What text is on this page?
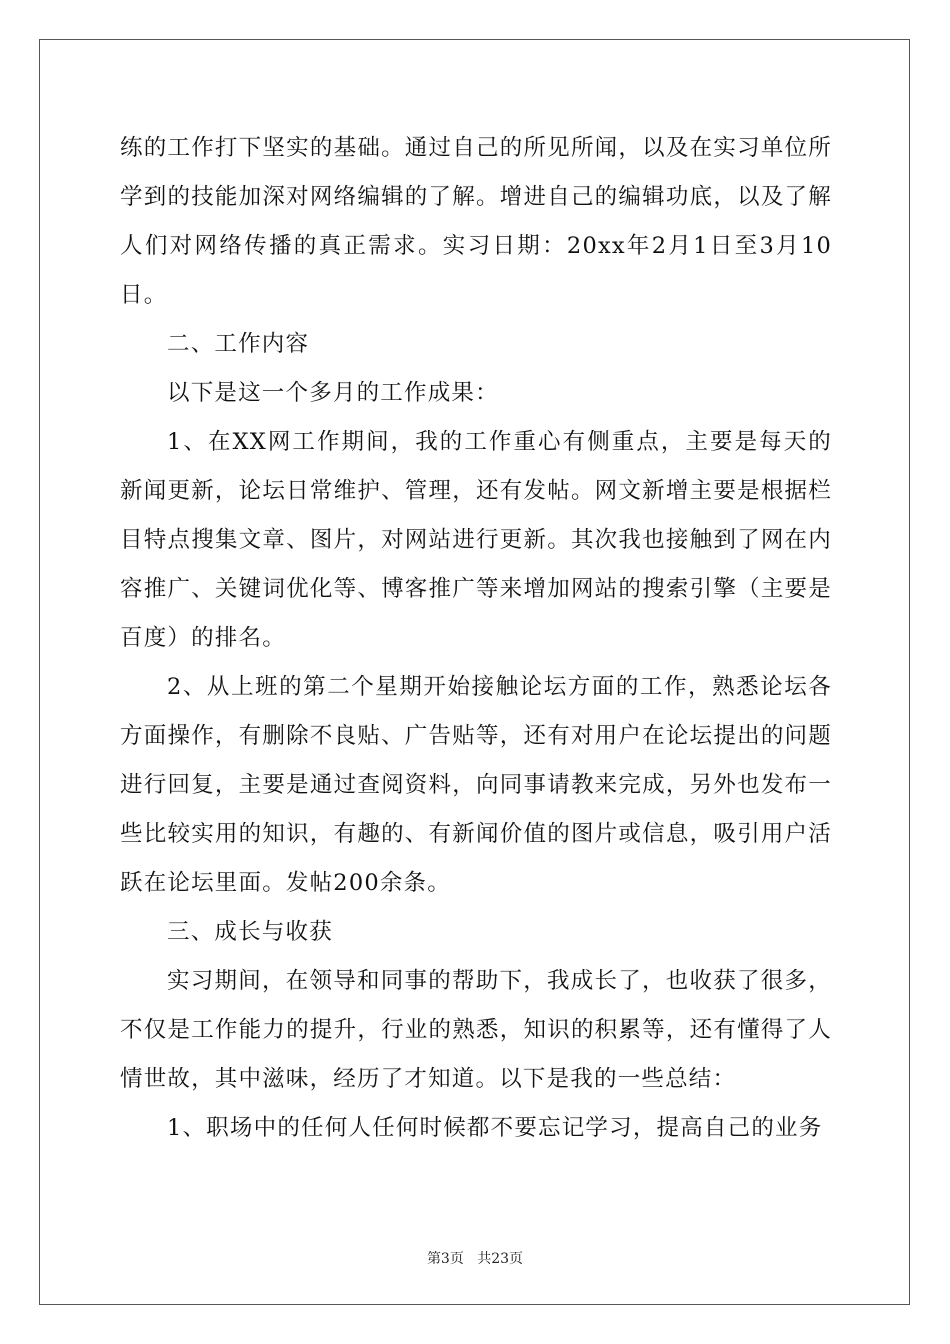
练的工作打下坚实的基础。通过自己的所见所闻，以及在实习单位所学到的技能加深对网络编辑的了解。增进自己的编辑功底，以及了解人们对网络传播的真正需求。实习日期：20xx年2月1日至3月10日。

二、工作内容

以下是这一个多月的工作成果：

1、在XX网工作期间，我的工作重心有侧重点，主要是每天的新闻更新，论坛日常维护、管理，还有发帖。网文新增主要是根据栏目特点搜集文章、图片，对网站进行更新。其次我也接触到了网在内容推广、关键词优化等、博客推广等来增加网站的搜索引擎（主要是百度）的排名。

2、从上班的第二个星期开始接触论坛方面的工作，熟悉论坛各方面操作，有删除不良贴、广告贴等，还有对用户在论坛提出的问题进行回复，主要是通过查阅资料，向同事请教来完成，另外也发布一些比较实用的知识，有趣的、有新闻价值的图片或信息，吸引用户活跃在论坛里面。发帖200余条。

三、成长与收获

实习期间，在领导和同事的帮助下，我成长了，也收获了很多，不仅是工作能力的提升，行业的熟悉，知识的积累等，还有懂得了人情世故，其中滋味，经历了才知道。以下是我的一些总结：

1、职场中的任何人任何时候都不要忘记学习，提高自己的业务

第3页 共23页
